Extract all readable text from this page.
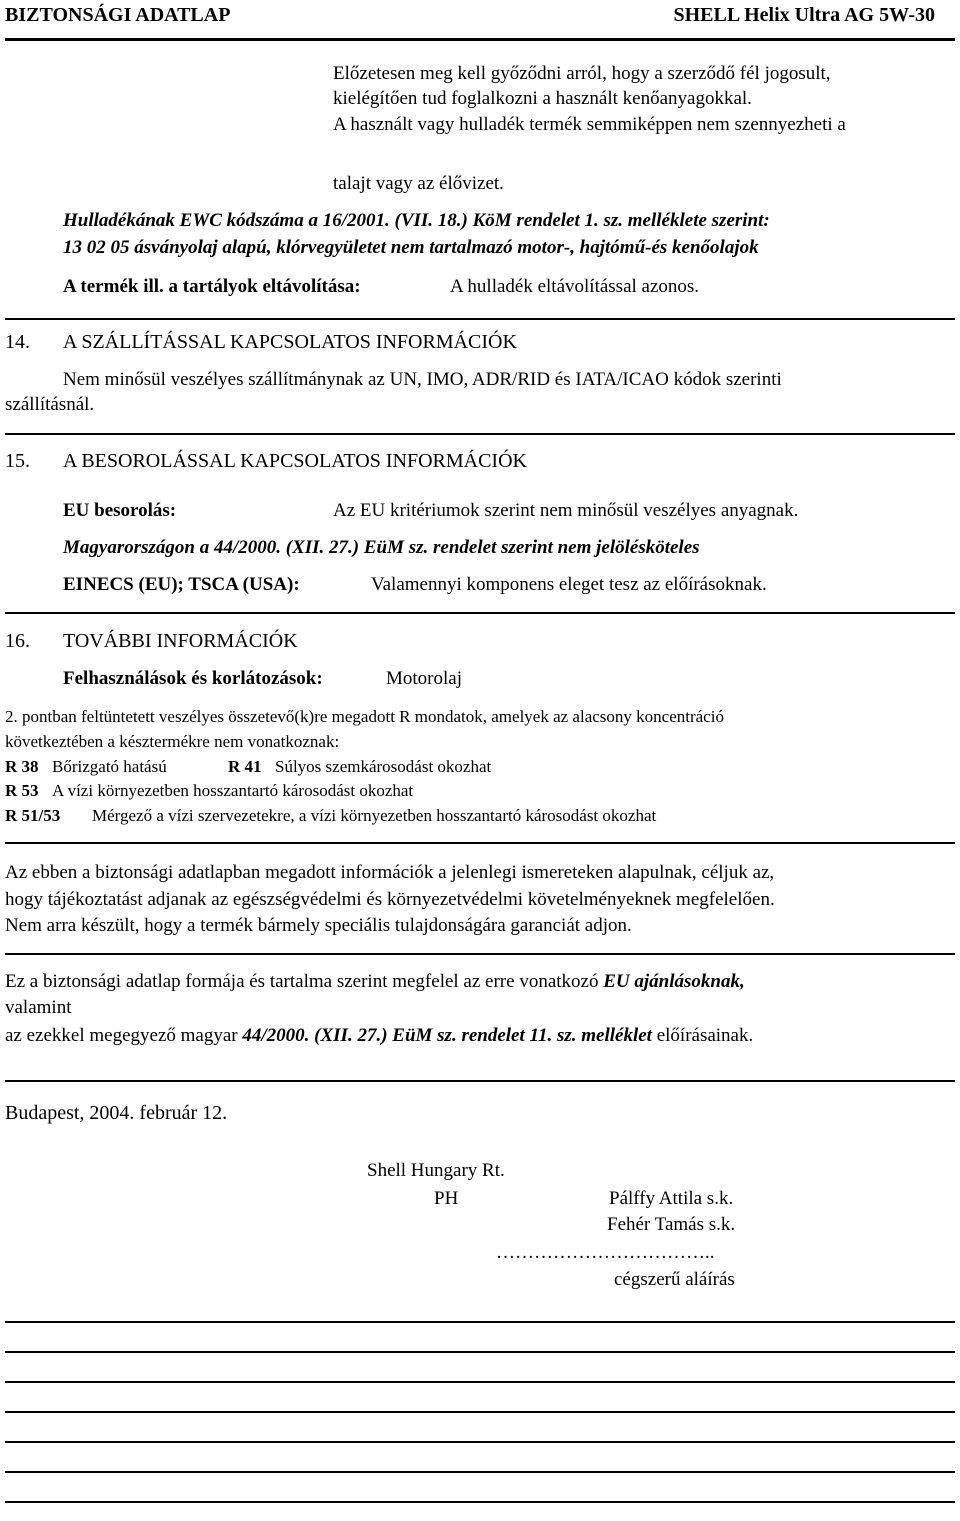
BIZTONSÁGI ADATLAP	SHELL Helix Ultra AG 5W-30
Előzetesen meg kell győződni arról, hogy a szerződő fél jogosult,
kielégítően tud foglalkozni a használt kenőanyagokkal.
A használt vagy hulladék termék semmiképpen nem szennyezheti a
talajt vagy az élővizet.
Hulladékának EWC kódszáma a 16/2001. (VII. 18.) KöM rendelet 1. sz. melléklete szerint:
13 02 05 ásványolaj alapú, klórvegyületet nem tartalmazó motor-, hajtómű-és kenőolajok
A termék ill. a tartályok eltávolítása:	A hulladék eltávolítással azonos.
14. A SZÁLLÍTÁSSAL KAPCSOLATOS INFORMÁCIÓK
Nem minősül veszélyes szállítmánynak az UN, IMO, ADR/RID és IATA/ICAO kódok szerinti
szállításnál.
15. A BESOROLÁSSAL KAPCSOLATOS INFORMÁCIÓK
EU besorolás:	Az EU kritériumok szerint nem minősül veszélyes anyagnak.
Magyarországon a 44/2000. (XII. 27.) EüM sz. rendelet szerint nem jelölésköteles
EINECS (EU); TSCA (USA):	Valamennyi komponens eleget tesz az előírásoknak.
16. TOVÁBBI INFORMÁCIÓK
Felhasználások és korlátozások:	Motorolaj
2. pontban feltüntetett veszélyes összetevő(k)re megadott R mondatok, amelyek az alacsony koncentráció
következtében a késztermékre nem vonatkoznak:
R 38 Bőrizgató hatású	R 41 Súlyos szemkárosodást okozhat
R 53 A vízi környezetben hosszantartó károsodást okozhat
R 51/53 Mérgező a vízi szervezetekre, a vízi környezetben hosszantartó károsodást okozhat
Az ebben a biztonsági adatlapban megadott információk a jelenlegi ismereteken alapulnak, céljuk az,
hogy tájékoztatást adjanak az egészségvédelmi és környezetvédelmi követelményeknek megfelelően.
Nem arra készült, hogy a termék bármely speciális tulajdonságára garanciát adjon.
Ez a biztonsági adatlap formája és tartalma szerint megfelel az erre vonatkozó EU ajánlásoknak,
valamint
az ezekkel megegyező magyar 44/2000. (XII. 27.) EüM sz. rendelet 11. sz. melléklet előírásainak.
Budapest, 2004. február 12.
Shell Hungary Rt.
PH	Pálffy Attila s.k.
Fehér Tamás s.k.
……………………………..
cégszerű aláírás
